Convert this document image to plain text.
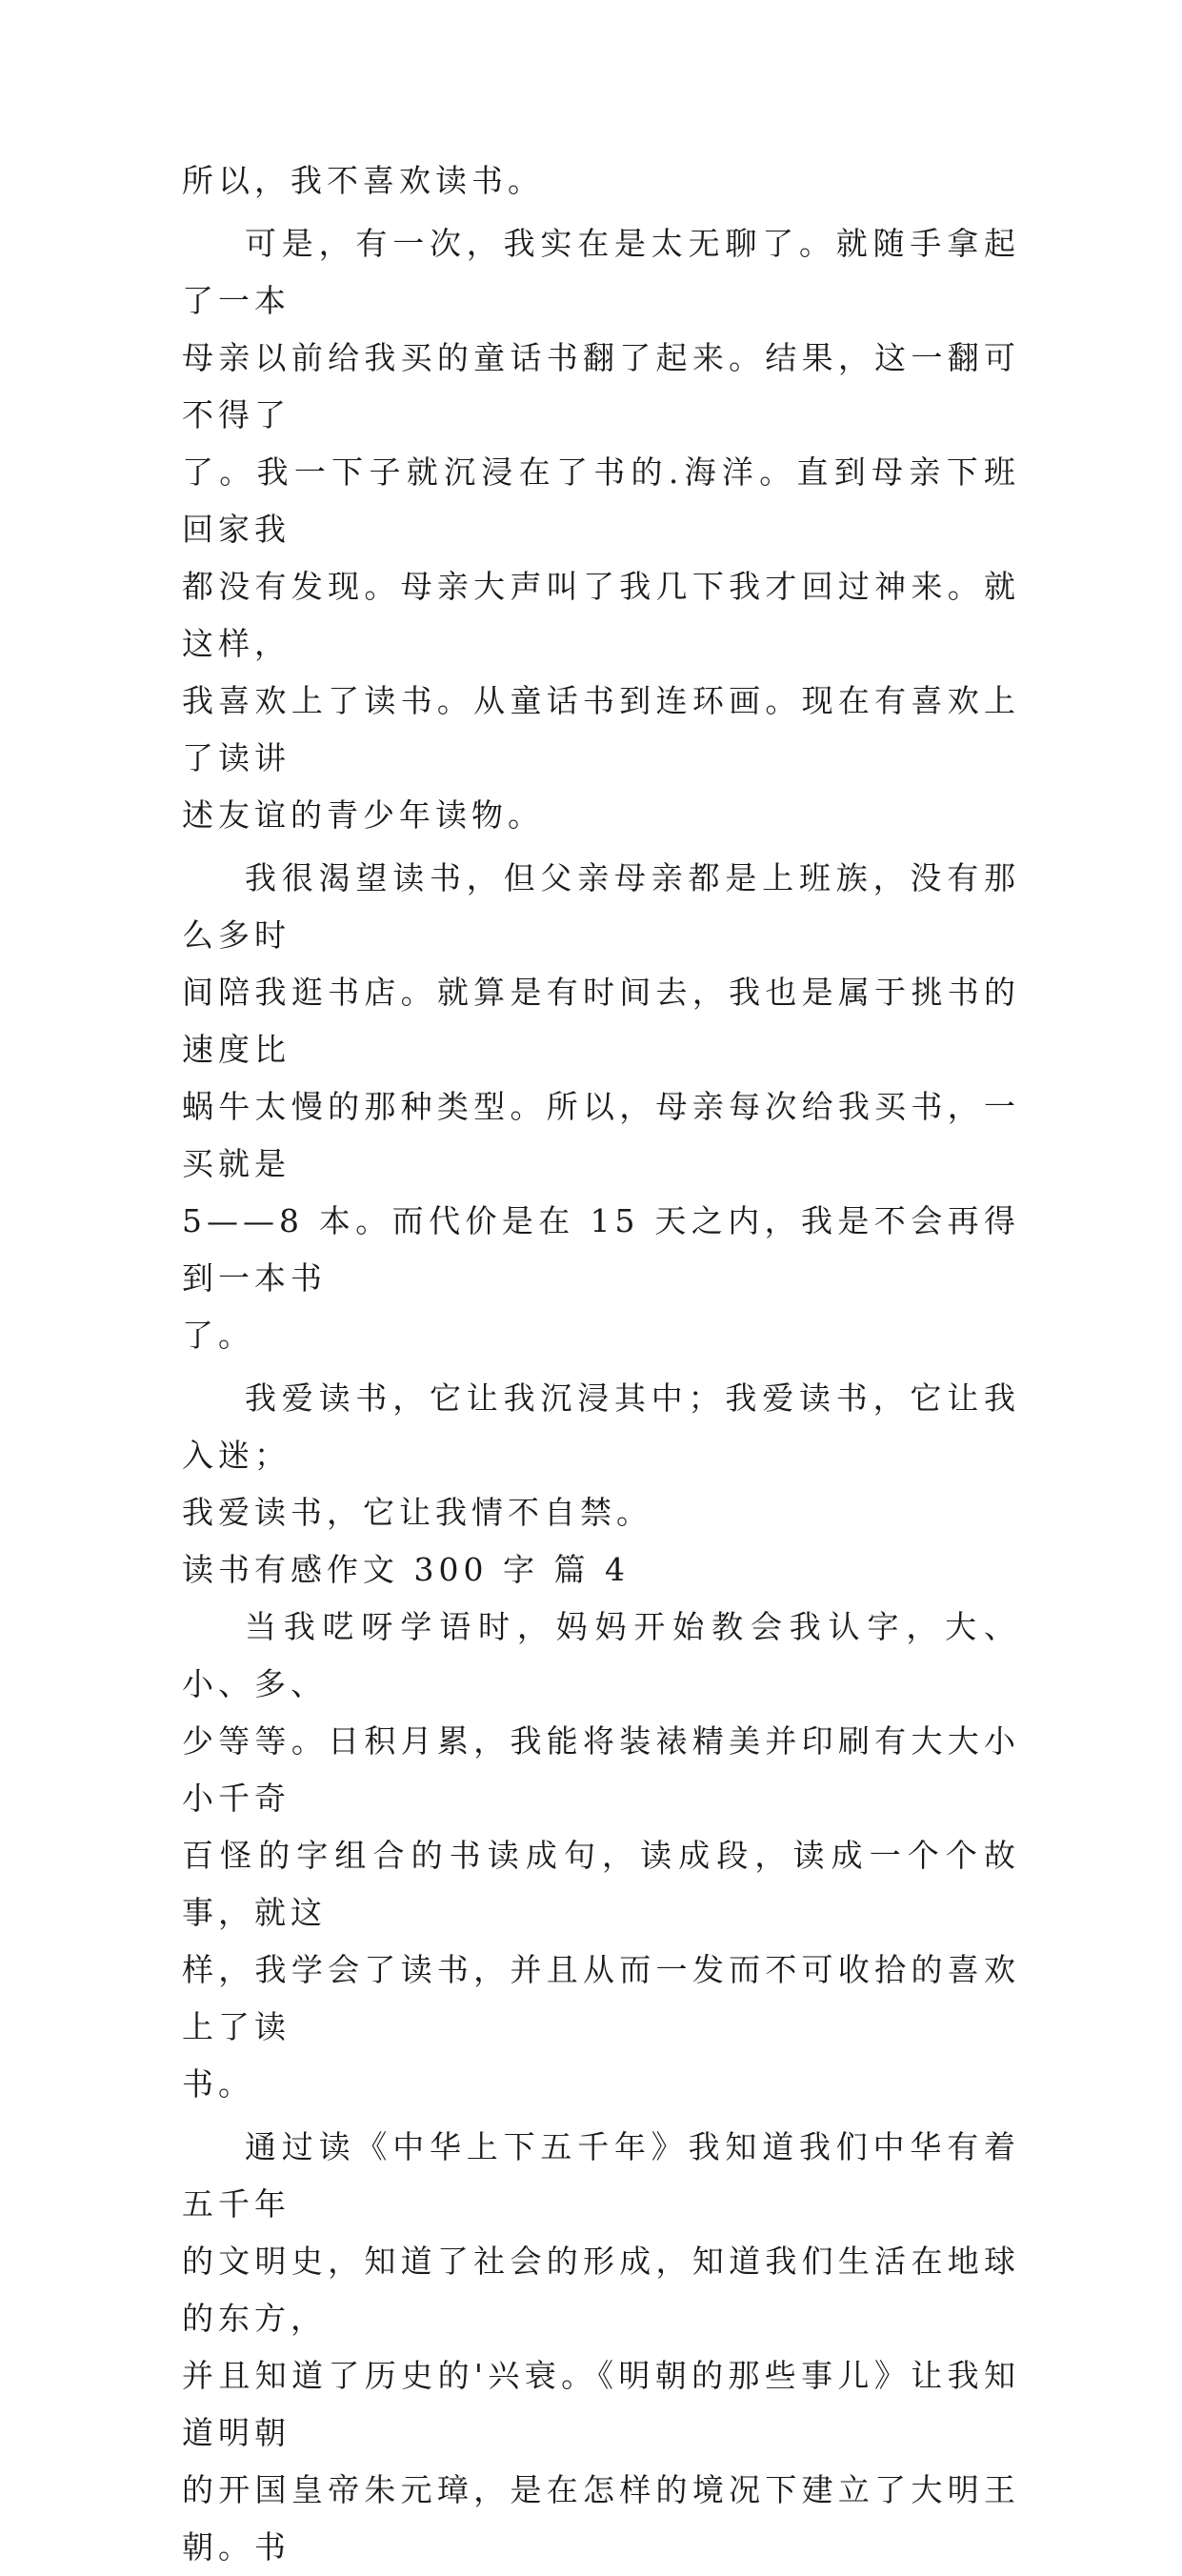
所以，我不喜欢读书。

可是，有一次，我实在是太无聊了。就随手拿起了一本
母亲以前给我买的童话书翻了起来。结果，这一翻可不得了
了。我一下子就沉浸在了书的.海洋。直到母亲下班回家我
都没有发现。母亲大声叫了我几下我才回过神来。就这样，
我喜欢上了读书。从童话书到连环画。现在有喜欢上了读讲
述友谊的青少年读物。

我很渴望读书，但父亲母亲都是上班族，没有那么多时
间陪我逛书店。就算是有时间去，我也是属于挑书的速度比
蜗牛太慢的那种类型。所以，母亲每次给我买书，一买就是
5——8 本。而代价是在 15 天之内，我是不会再得到一本书
了。

我爱读书，它让我沉浸其中；我爱读书，它让我入迷；
我爱读书，它让我情不自禁。

读书有感作文 300 字 篇 4

当我呓呀学语时，妈妈开始教会我认字，大、小、多、
少等等。日积月累，我能将装裱精美并印刷有大大小小千奇
百怪的字组合的书读成句，读成段，读成一个个故事，就这
样，我学会了读书，并且从而一发而不可收拾的喜欢上了读
书。

通过读《中华上下五千年》我知道我们中华有着五千年
的文明史，知道了社会的形成，知道我们生活在地球的东方，
并且知道了历史的'兴衰。《明朝的那些事儿》让我知道明朝
的开国皇帝朱元璋，是在怎样的境况下建立了大明王朝。书
